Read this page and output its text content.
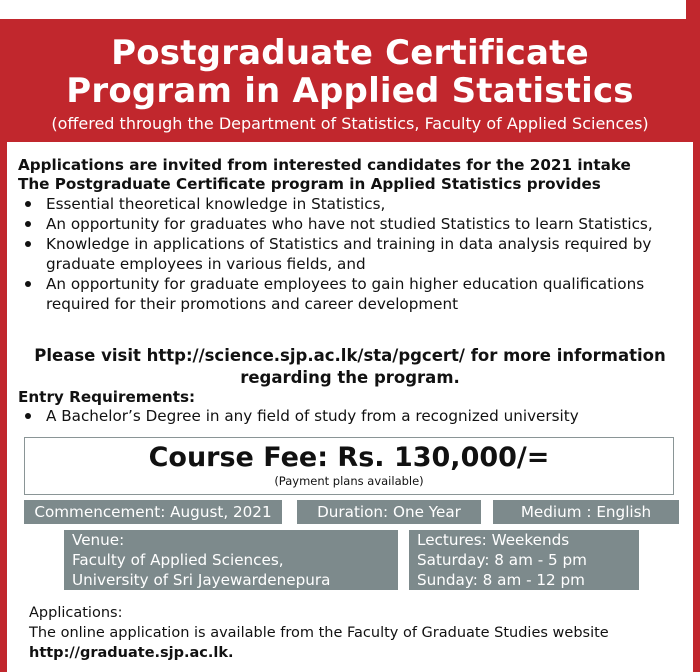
Postgraduate Certificate
Program in Applied Statistics
(offered through the Department of Statistics, Faculty of Applied Sciences)
Applications are invited from interested candidates for the 2021 intake
The Postgraduate Certificate program in Applied Statistics provides
Essential theoretical knowledge in Statistics,
An opportunity for graduates who have not studied Statistics to learn Statistics,
Knowledge in applications of Statistics and training in data analysis required by graduate employees in various fields, and
An opportunity for graduate employees to gain higher education qualifications required for their promotions and career development
Please visit http://science.sjp.ac.lk/sta/pgcert/ for more information
regarding the program.
Entry Requirements:
A Bachelor’s Degree in any field of study from a recognized university
Course Fee: Rs. 130,000/=
(Payment plans available)
Commencement: August, 2021	Duration: One Year	Medium : English
Venue:
Faculty of Applied Sciences,
University of Sri Jayewardenepura
Lectures: Weekends
Saturday: 8 am - 5 pm
Sunday: 8 am - 12 pm
Applications:
The online application is available from the Faculty of Graduate Studies website
http://graduate.sjp.ac.lk.
